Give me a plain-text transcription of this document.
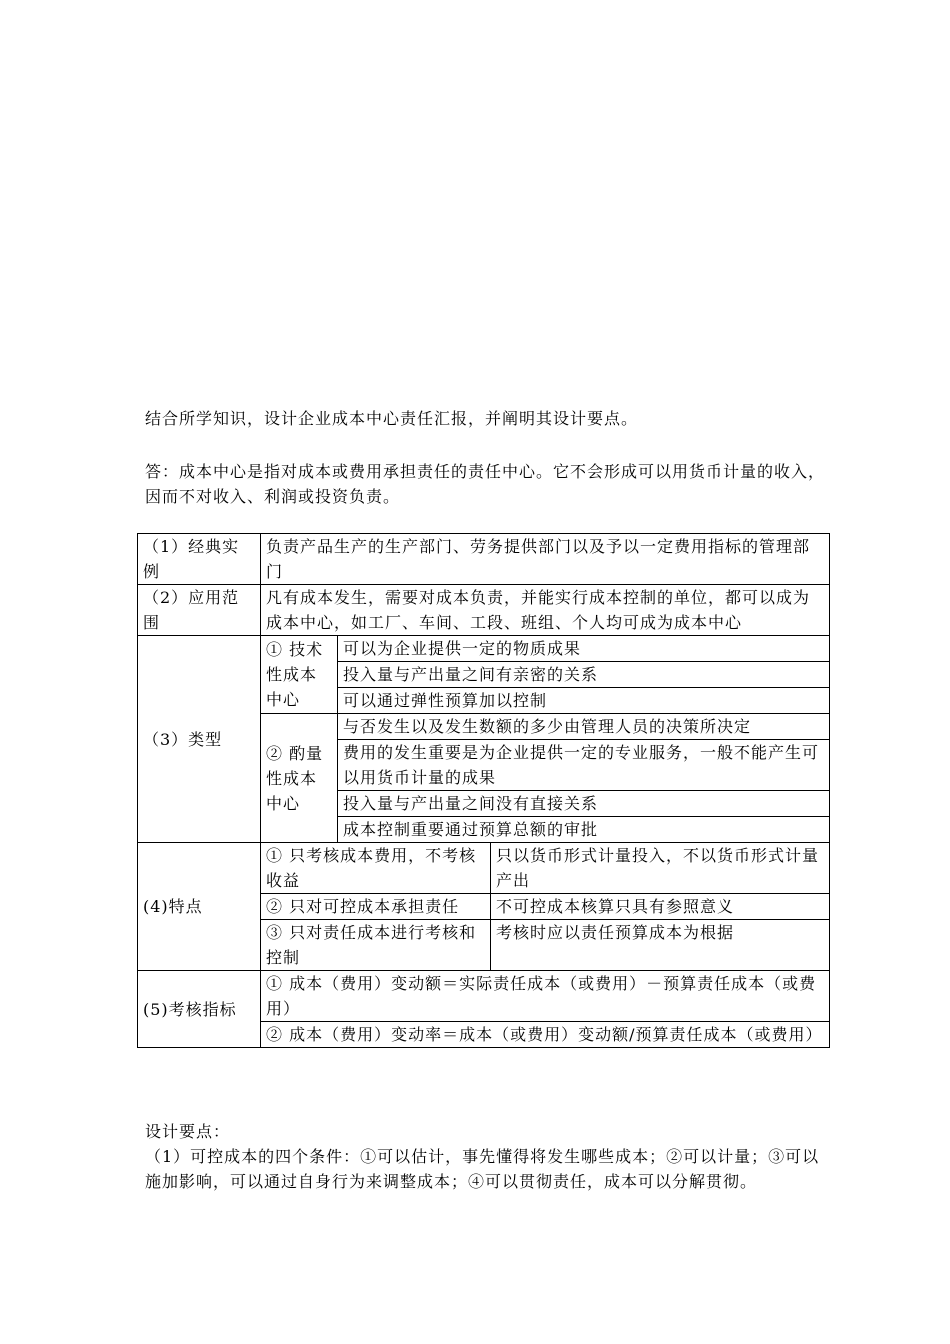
结合所学知识，设计企业成本中心责任汇报，并阐明其设计要点。

答：成本中心是指对成本或费用承担责任的责任中心。它不会形成可以用货币计量的收入，因而不对收入、利润或投资负责。

（1）经典实例	负责产品生产的生产部门、劳务提供部门以及予以一定费用指标的管理部门		
（2）应用范围	凡有成本发生，需要对成本负责，并能实行成本控制的单位，都可以成为成本中心，如工厂、车间、工段、班组、个人均可成为成本中心		
（3）类型	① 技术性成本中心	可以为企业提供一定的物质成果	
		投入量与产出量之间有亲密的关系	
		可以通过弹性预算加以控制	
	② 酌量性成本中心	与否发生以及发生数额的多少由管理人员的决策所决定	
		费用的发生重要是为企业提供一定的专业服务，一般不能产生可以用货币计量的成果	
		投入量与产出量之间没有直接关系	
		成本控制重要通过预算总额的审批	
(4)特点	① 只考核成本费用，不考核收益		只以货币形式计量投入，不以货币形式计量产出
	② 只对可控成本承担责任		不可控成本核算只具有参照意义
	③ 只对责任成本进行考核和控制		考核时应以责任预算成本为根据
(5)考核指标	① 成本（费用）变动额＝实际责任成本（或费用）－预算责任成本（或费用）		
	② 成本（费用）变动率＝成本（或费用）变动额/预算责任成本（或费用）		

设计要点：

（1）可控成本的四个条件：①可以估计，事先懂得将发生哪些成本；②可以计量；③可以施加影响，可以通过自身行为来调整成本；④可以贯彻责任，成本可以分解贯彻。
